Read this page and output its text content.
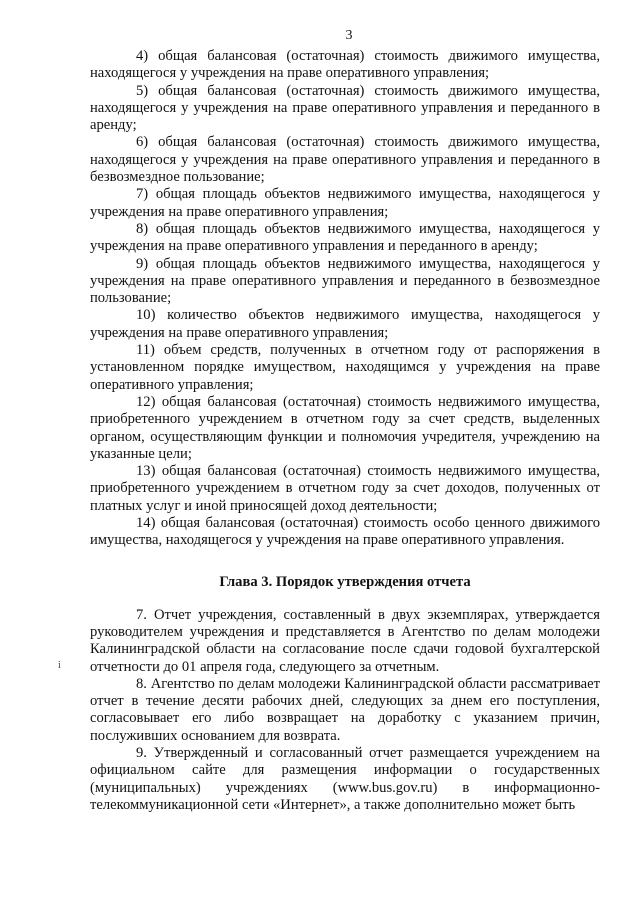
3

4) общая балансовая (остаточная) стоимость движимого имущества, находящегося у учреждения на праве оперативного управления;

5) общая балансовая (остаточная) стоимость движимого имущества, находящегося у учреждения на праве оперативного управления и переданного в аренду;

6) общая балансовая (остаточная) стоимость движимого имущества, находящегося у учреждения на праве оперативного управления и переданного в безвозмездное пользование;

7) общая площадь объектов недвижимого имущества, находящегося у учреждения на праве оперативного управления;

8) общая площадь объектов недвижимого имущества, находящегося у учреждения на праве оперативного управления и переданного в аренду;

9) общая площадь объектов недвижимого имущества, находящегося у учреждения на праве оперативного управления и переданного в безвозмездное пользование;

10) количество объектов недвижимого имущества, находящегося у учреждения на праве оперативного управления;

11) объем средств, полученных в отчетном году от распоряжения в установленном порядке имуществом, находящимся у учреждения на праве оперативного управления;

12) общая балансовая (остаточная) стоимость недвижимого имущества, приобретенного учреждением в отчетном году за счет средств, выделенных органом, осуществляющим функции и полномочия учредителя, учреждению на указанные цели;

13) общая балансовая (остаточная) стоимость недвижимого имущества, приобретенного учреждением в отчетном году за счет доходов, полученных от платных услуг и иной приносящей доход деятельности;

14) общая балансовая (остаточная) стоимость особо ценного движимого имущества, находящегося у учреждения на праве оперативного управления.

Глава 3. Порядок утверждения отчета

7. Отчет учреждения, составленный в двух экземплярах, утверждается руководителем учреждения и представляется в Агентство по делам молодежи Калининградской области на согласование после сдачи годовой бухгалтерской отчетности до 01 апреля года, следующего за отчетным.

8. Агентство по делам молодежи Калининградской области рассматривает отчет в течение десяти рабочих дней, следующих за днем его поступления, согласовывает его либо возвращает на доработку с указанием причин, послуживших основанием для возврата.

9. Утвержденный и согласованный отчет размещается учреждением на официальном сайте для размещения информации о государственных (муниципальных) учреждениях (www.bus.gov.ru) в информационно-телекоммуникационной сети «Интернет», а также дополнительно может быть

і
